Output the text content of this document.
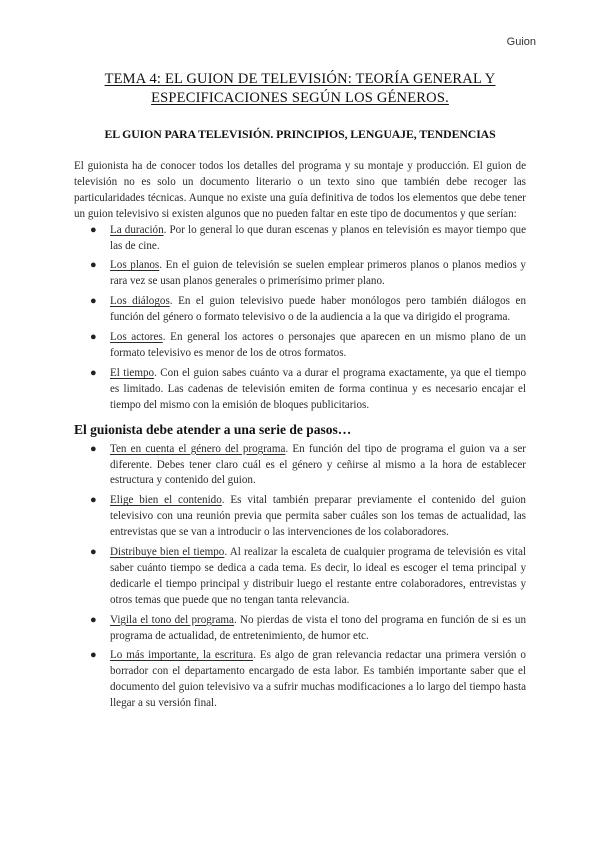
Guion
TEMA 4: EL GUION DE TELEVISIÓN: TEORÍA GENERAL Y
ESPECIFICACIONES SEGÚN LOS GÉNEROS.
EL GUION PARA TELEVISIÓN. PRINCIPIOS, LENGUAJE, TENDENCIAS

El guionista ha de conocer todos los detalles del programa y su montaje y producción. El guion de televisión no es solo un documento literario o un texto sino que también debe recoger las particularidades técnicas. Aunque no existe una guía definitiva de todos los elementos que debe tener un guion televisivo si existen algunos que no pueden faltar en este tipo de documentos y que serían:

● La duración. Por lo general lo que duran escenas y planos en televisión es mayor tiempo que las de cine.
● Los planos. En el guion de televisión se suelen emplear primeros planos o planos medios y rara vez se usan planos generales o primerísimo primer plano.
● Los diálogos. En el guion televisivo puede haber monólogos pero también diálogos en función del género o formato televisivo o de la audiencia a la que va dirigido el programa.
● Los actores. En general los actores o personajes que aparecen en un mismo plano de un formato televisivo es menor de los de otros formatos.
● El tiempo. Con el guion sabes cuánto va a durar el programa exactamente, ya que el tiempo es limitado. Las cadenas de televisión emiten de forma continua y es necesario encajar el tiempo del mismo con la emisión de bloques publicitarios.
El guionista debe atender a una serie de pasos…
● Ten en cuenta el género del programa. En función del tipo de programa el guion va a ser diferente. Debes tener claro cuál es el género y ceñirse al mismo a la hora de establecer estructura y contenido del guion.
● Elige bien el contenido. Es vital también preparar previamente el contenido del guion televisivo con una reunión previa que permita saber cuáles son los temas de actualidad, las entrevistas que se van a introducir o las intervenciones de los colaboradores.
● Distribuye bien el tiempo. Al realizar la escaleta de cualquier programa de televisión es vital saber cuánto tiempo se dedica a cada tema. Es decir, lo ideal es escoger el tema principal y dedicarle el tiempo principal y distribuir luego el restante entre colaboradores, entrevistas y otros temas que puede que no tengan tanta relevancia.
● Vigila el tono del programa. No pierdas de vista el tono del programa en función de si es un programa de actualidad, de entretenimiento, de humor etc.
● Lo más importante, la escritura. Es algo de gran relevancia redactar una primera versión o borrador con el departamento encargado de esta labor. Es también importante saber que el documento del guion televisivo va a sufrir muchas modificaciones a lo largo del tiempo hasta llegar a su versión final.
